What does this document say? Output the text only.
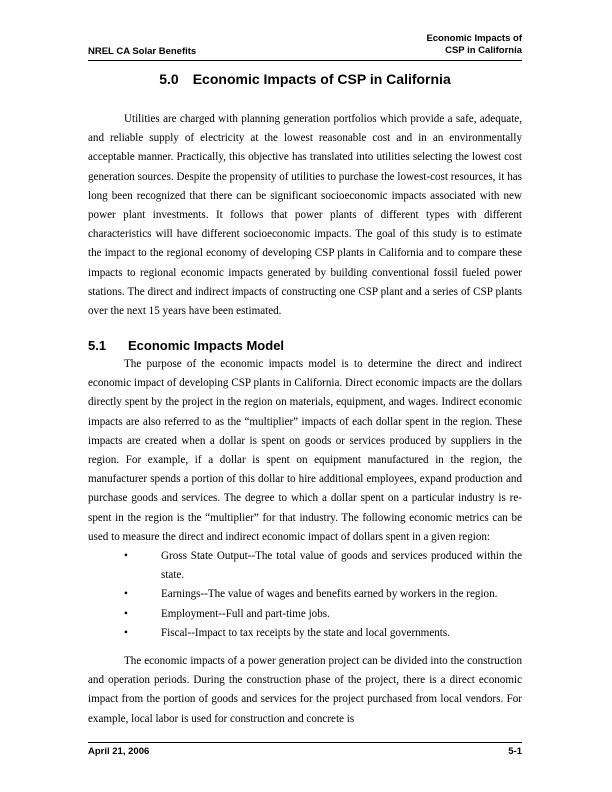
NREL CA Solar Benefits
Economic Impacts of
CSP in California
5.0 Economic Impacts of CSP in California

Utilities are charged with planning generation portfolios which provide a safe, adequate, and reliable supply of electricity at the lowest reasonable cost and in an environmentally acceptable manner. Practically, this objective has translated into utilities selecting the lowest cost generation sources. Despite the propensity of utilities to purchase the lowest-cost resources, it has long been recognized that there can be significant socioeconomic impacts associated with new power plant investments. It follows that power plants of different types with different characteristics will have different socioeconomic impacts. The goal of this study is to estimate the impact to the regional economy of developing CSP plants in California and to compare these impacts to regional economic impacts generated by building conventional fossil fueled power stations. The direct and indirect impacts of constructing one CSP plant and a series of CSP plants over the next 15 years have been estimated.

5.1 Economic Impacts Model

The purpose of the economic impacts model is to determine the direct and indirect economic impact of developing CSP plants in California. Direct economic impacts are the dollars directly spent by the project in the region on materials, equipment, and wages. Indirect economic impacts are also referred to as the “multiplier” impacts of each dollar spent in the region. These impacts are created when a dollar is spent on goods or services produced by suppliers in the region. For example, if a dollar is spent on equipment manufactured in the region, the manufacturer spends a portion of this dollar to hire additional employees, expand production and purchase goods and services. The degree to which a dollar spent on a particular industry is re-spent in the region is the “multiplier” for that industry. The following economic metrics can be used to measure the direct and indirect economic impact of dollars spent in a given region:

•	Gross State Output--The total value of goods and services produced within the state.
•	Earnings--The value of wages and benefits earned by workers in the region.
•	Employment--Full and part-time jobs.
•	Fiscal--Impact to tax receipts by the state and local governments.

The economic impacts of a power generation project can be divided into the construction and operation periods. During the construction phase of the project, there is a direct economic impact from the portion of goods and services for the project purchased from local vendors. For example, local labor is used for construction and concrete is

April 21, 2006	5-1
